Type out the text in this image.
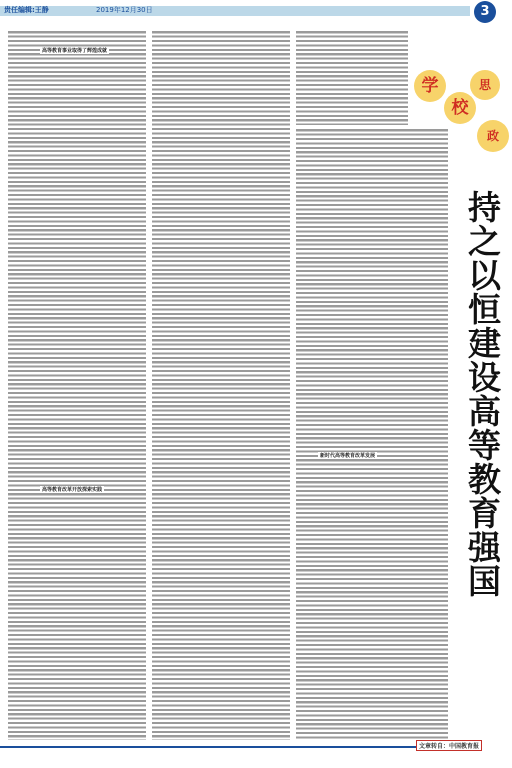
贵任编辑:王静	2019年12月30日	3
高等教育事业取得了辉煌成就
高等教育改革开放探索实践
新时代高等教育改革发展
学
校
思
政
持之以恒建设高等教育强国
文章转自：中国教育报
